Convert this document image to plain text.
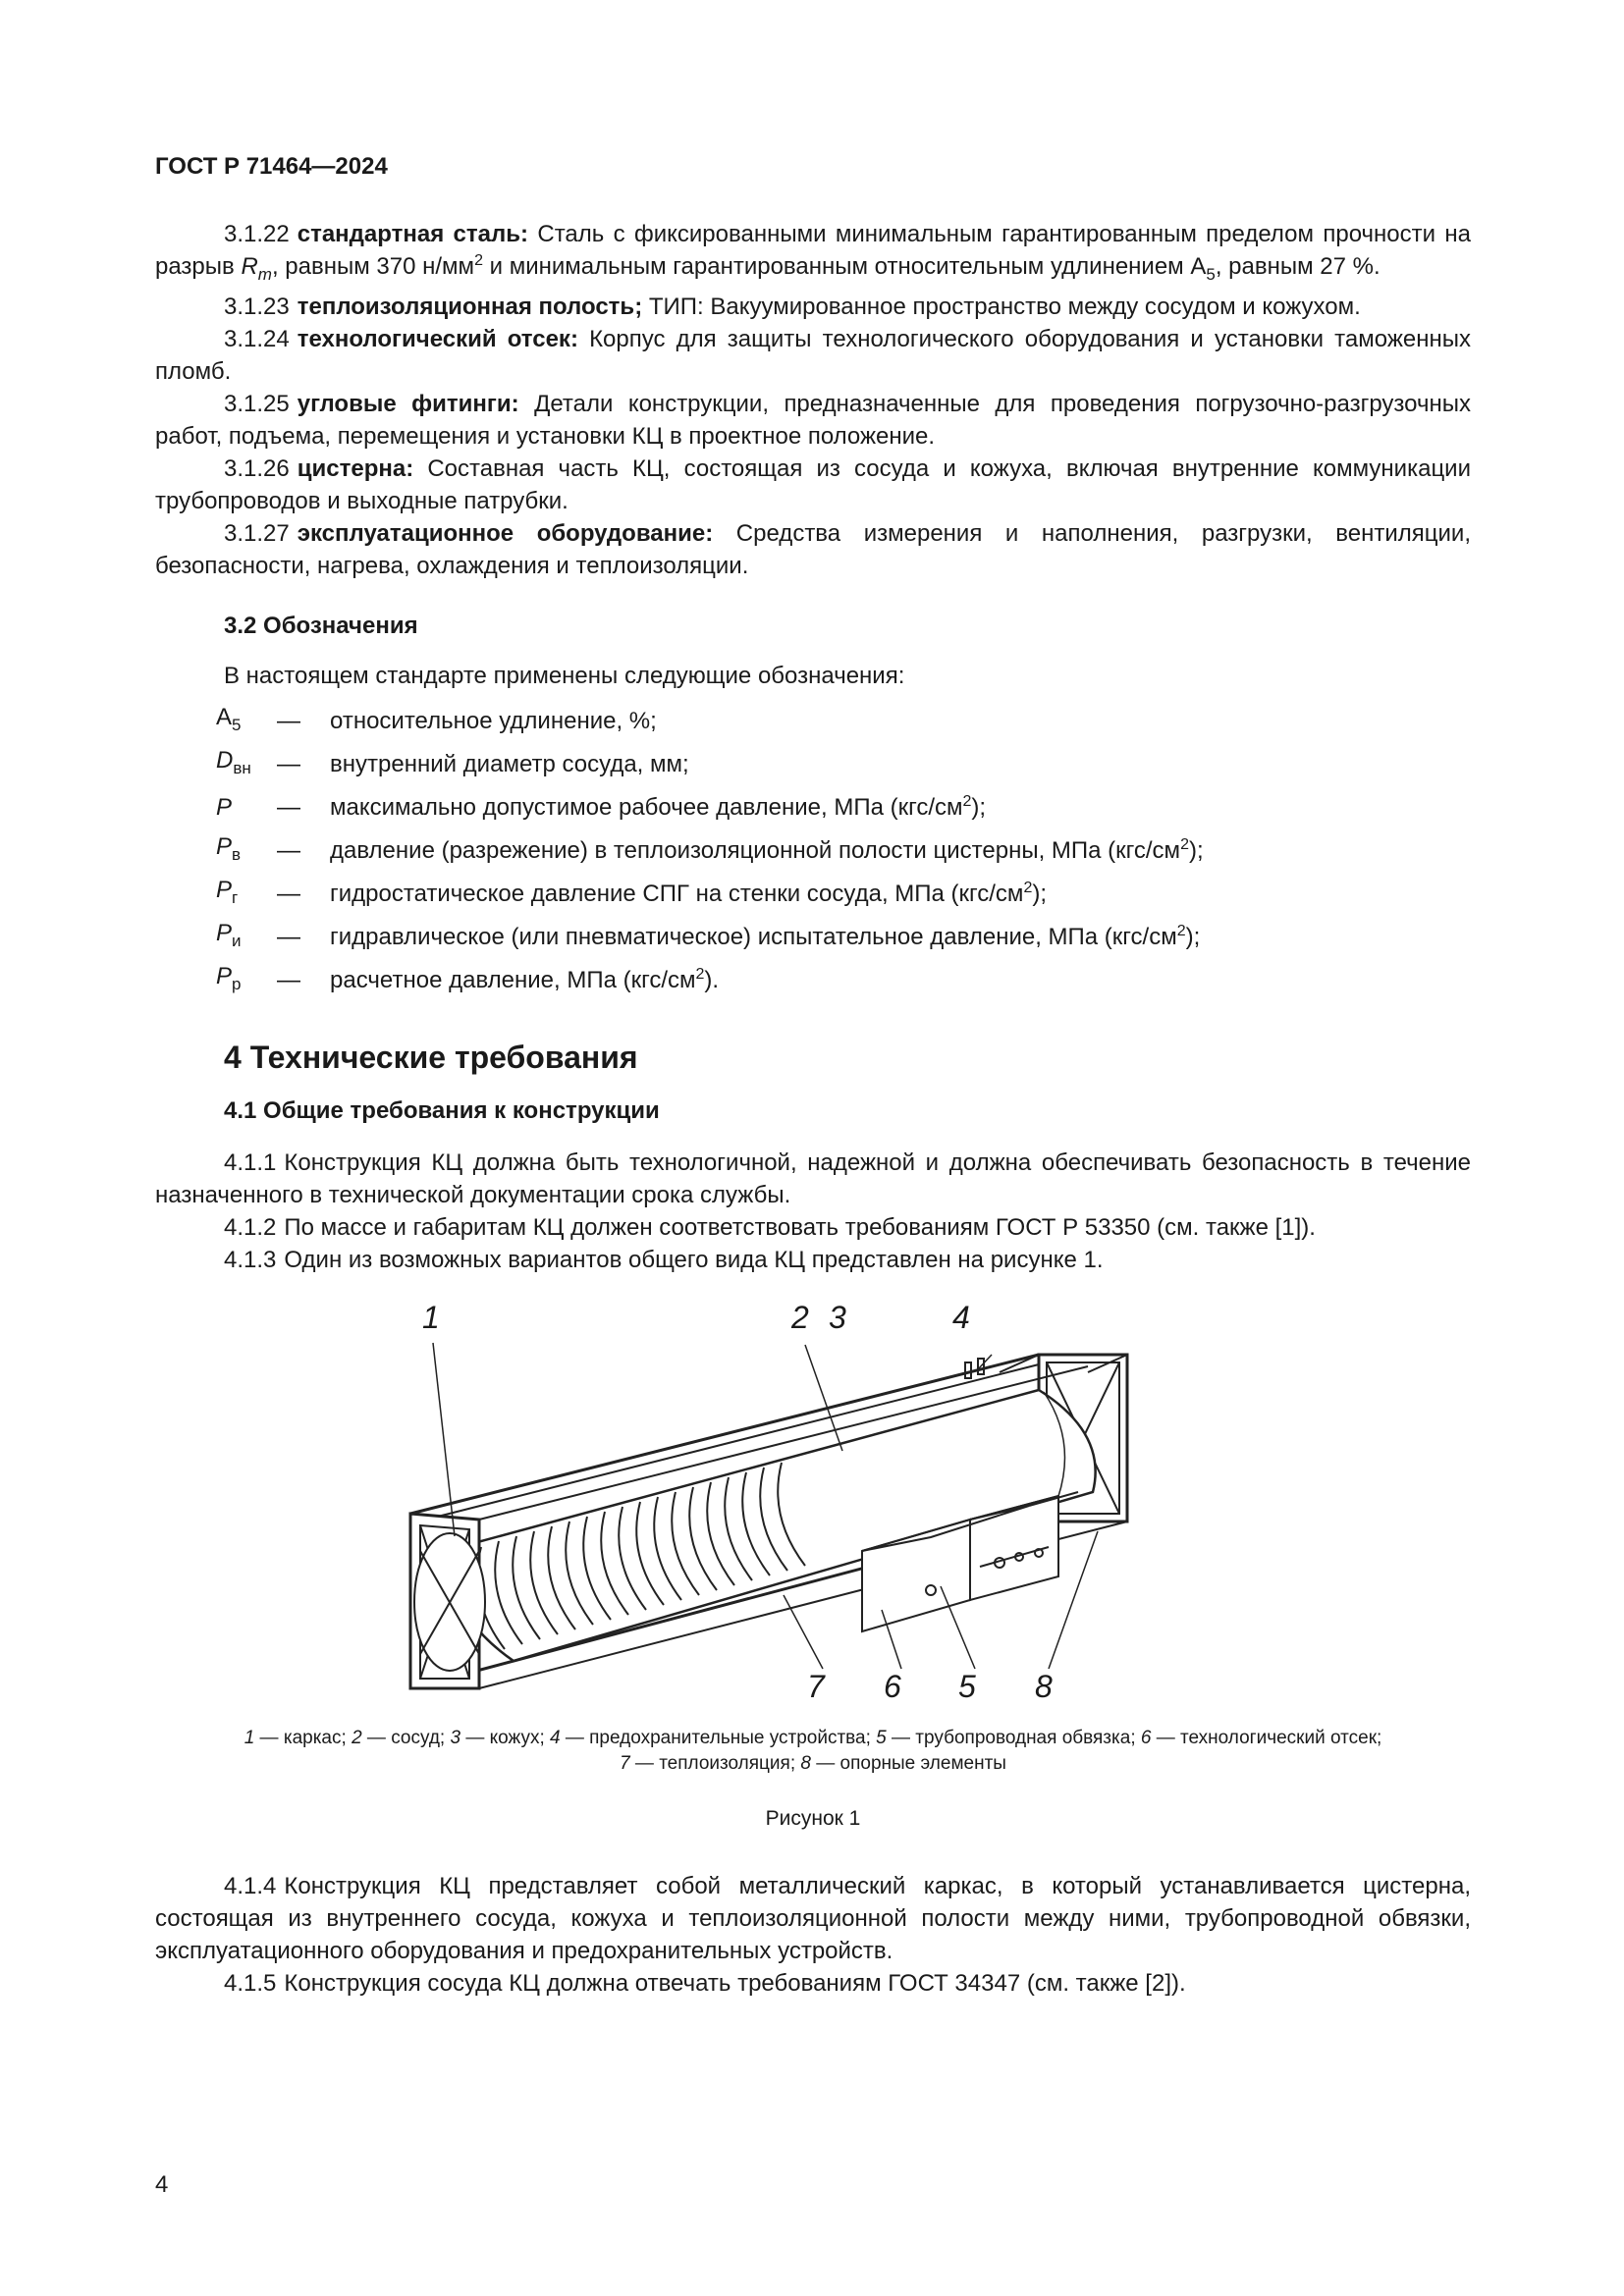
ГОСТ Р 71464—2024

3.1.22 стандартная сталь: Сталь с фиксированными минимальным гарантированным пределом прочности на разрыв $R_m$, равным 370 $н/мм^2$ и минимальным гарантированным относительным удлинением $А_5$, равным 27 %.

3.1.23 теплоизоляционная полость; ТИП: Вакуумированное пространство между сосудом и кожухом.

3.1.24 технологический отсек: Корпус для защиты технологического оборудования и установки таможенных пломб.

3.1.25 угловые фитинги: Детали конструкции, предназначенные для проведения погрузочно-разгрузочных работ, подъема, перемещения и установки КЦ в проектное положение.

3.1.26 цистерна: Составная часть КЦ, состоящая из сосуда и кожуха, включая внутренние коммуникации трубопроводов и выходные патрубки.

3.1.27 эксплуатационное оборудование: Средства измерения и наполнения, разгрузки, вентиляции, безопасности, нагрева, охлаждения и теплоизоляции.

3.2 Обозначения
В настоящем стандарте применены следующие обозначения:
$А_5$	—	относительное удлинение, %;
$D_{вн}$	—	внутренний диаметр сосуда, мм;
P	—	максимально допустимое рабочее давление, МПа $(кгс/см^2)$;
$P_в$	—	давление (разрежение) в теплоизоляционной полости цистерны, МПа $(кгс/см^2)$;
$P_г$	—	гидростатическое давление СПГ на стенки сосуда, МПа $(кгс/см^2)$;
$P_и$	—	гидравлическое (или пневматическое) испытательное давление, МПа $(кгс/см^2)$;
$P_р$	—	расчетное давление, МПа $(кгс/см^2)$.
4 Технические требования
4.1 Общие требования к конструкции

4.1.1 Конструкция КЦ должна быть технологичной, надежной и должна обеспечивать безопасность в течение назначенного в технической документации срока службы.

4.1.2 По массе и габаритам КЦ должен соответствовать требованиям ГОСТ Р 53350 (см. также [1]).

4.1.3 Один из возможных вариантов общего вида КЦ представлен на рисунке 1.

1	2 3	4
5
6
7	8
1 — каркас; 2 — сосуд; 3 — кожух; 4 — предохранительные устройства; 5 — трубопроводная обвязка; 6 — технологический отсек;
7 — теплоизоляция; 8 — опорные элементы
Рисунок 1

4.1.4 Конструкция КЦ представляет собой металлический каркас, в который устанавливается цистерна, состоящая из внутреннего сосуда, кожуха и теплоизоляционной полости между ними, трубопроводной обвязки, эксплуатационного оборудования и предохранительных устройств.

4.1.5 Конструкция сосуда КЦ должна отвечать требованиям ГОСТ 34347 (см. также [2]).

4
